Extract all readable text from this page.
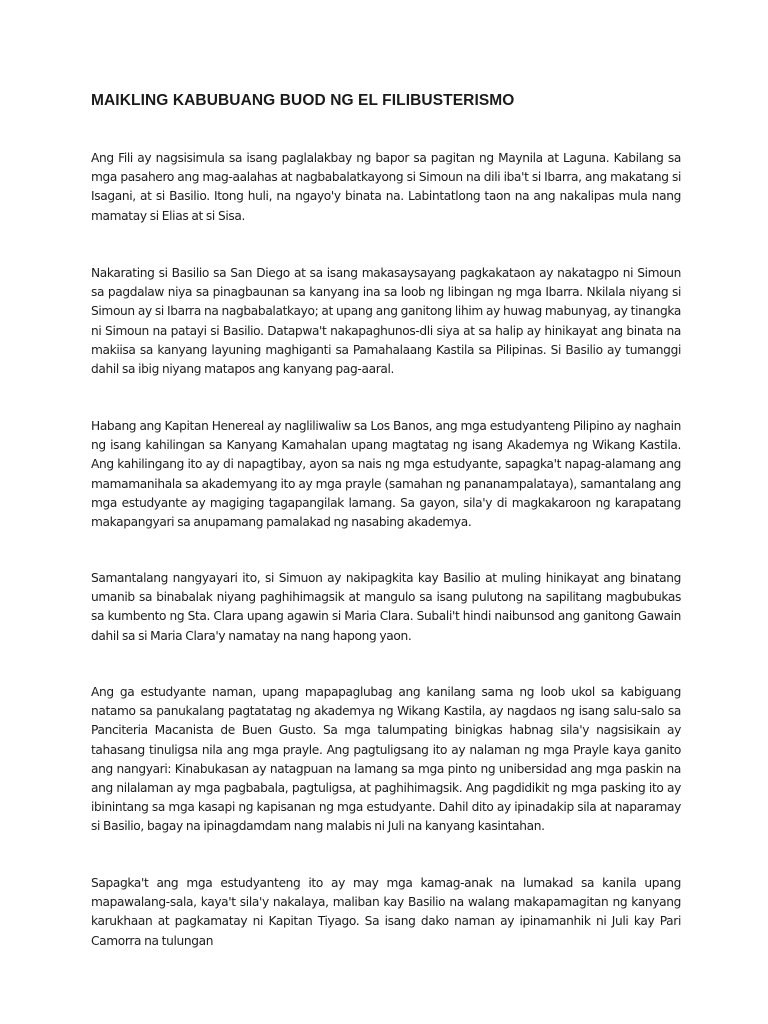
MAIKLING KABUBUANG BUOD NG EL FILIBUSTERISMO

Ang Fili ay nagsisimula sa isang paglalakbay ng bapor sa pagitan ng Maynila at Laguna. Kabilang sa mga pasahero ang mag-aalahas at nagbabalatkayong si Simoun na dili iba't si Ibarra, ang makatang si Isagani, at si Basilio. Itong huli, na ngayo'y binata na. Labintatlong taon na ang nakalipas mula nang mamatay si Elias at si Sisa.

Nakarating si Basilio sa San Diego at sa isang makasaysayang pagkakataon ay nakatagpo ni Simoun sa pagdalaw niya sa pinagbaunan sa kanyang ina sa loob ng libingan ng mga Ibarra. Nkilala niyang si Simoun ay si Ibarra na nagbabalatkayo; at upang ang ganitong lihim ay huwag mabunyag, ay tinangka ni Simoun na patayi si Basilio. Datapwa't nakapaghunos-dli siya at sa halip ay hinikayat ang binata na makiisa sa kanyang layuning maghiganti sa Pamahalaang Kastila sa Pilipinas. Si Basilio ay tumanggi dahil sa ibig niyang matapos ang kanyang pag-aaral.

Habang ang Kapitan Henereal ay nagliliwaliw sa Los Banos, ang mga estudyanteng Pilipino ay naghain ng isang kahilingan sa Kanyang Kamahalan upang magtatag ng isang Akademya ng Wikang Kastila. Ang kahilingang ito ay di napagtibay, ayon sa nais ng mga estudyante, sapagka't napag-alamang ang mamamanihala sa akademyang ito ay mga prayle (samahan ng pananampalataya), samantalang ang mga estudyante ay magiging tagapangilak lamang. Sa gayon, sila'y di magkakaroon ng karapatang makapangyari sa anupamang pamalakad ng nasabing akademya.

Samantalang nangyayari ito, si Simuon ay nakipagkita kay Basilio at muling hinikayat ang binatang umanib sa binabalak niyang paghihimagsik at mangulo sa isang pulutong na sapilitang magbubukas sa kumbento ng Sta. Clara upang agawin si Maria Clara. Subali't hindi naibunsod ang ganitong Gawain dahil sa si Maria Clara'y namatay na nang hapong yaon.

Ang ga estudyante naman, upang mapapaglubag ang kanilang sama ng loob ukol sa kabiguang natamo sa panukalang pagtatatag ng akademya ng Wikang Kastila, ay nagdaos ng isang salu-salo sa Panciteria Macanista de Buen Gusto. Sa mga talumpating binigkas habnag sila'y nagsisikain ay tahasang tinuligsa nila ang mga prayle. Ang pagtuligsang ito ay nalaman ng mga Prayle kaya ganito ang nangyari: Kinabukasan ay natagpuan na lamang sa mga pinto ng unibersidad ang mga paskin na ang nilalaman ay mga pagbabala, pagtuligsa, at paghihimagsik. Ang pagdidikit ng mga pasking ito ay ibinintang sa mga kasapi ng kapisanan ng mga estudyante. Dahil dito ay ipinadakip sila at naparamay si Basilio, bagay na ipinagdamdam nang malabis ni Juli na kanyang kasintahan.

Sapagka't ang mga estudyanteng ito ay may mga kamag-anak na lumakad sa kanila upang mapawalang-sala, kaya't sila'y nakalaya, maliban kay Basilio na walang makapamagitan ng kanyang karukhaan at pagkamatay ni Kapitan Tiyago. Sa isang dako naman ay ipinamanhik ni Juli kay Pari Camorra na tulungan
